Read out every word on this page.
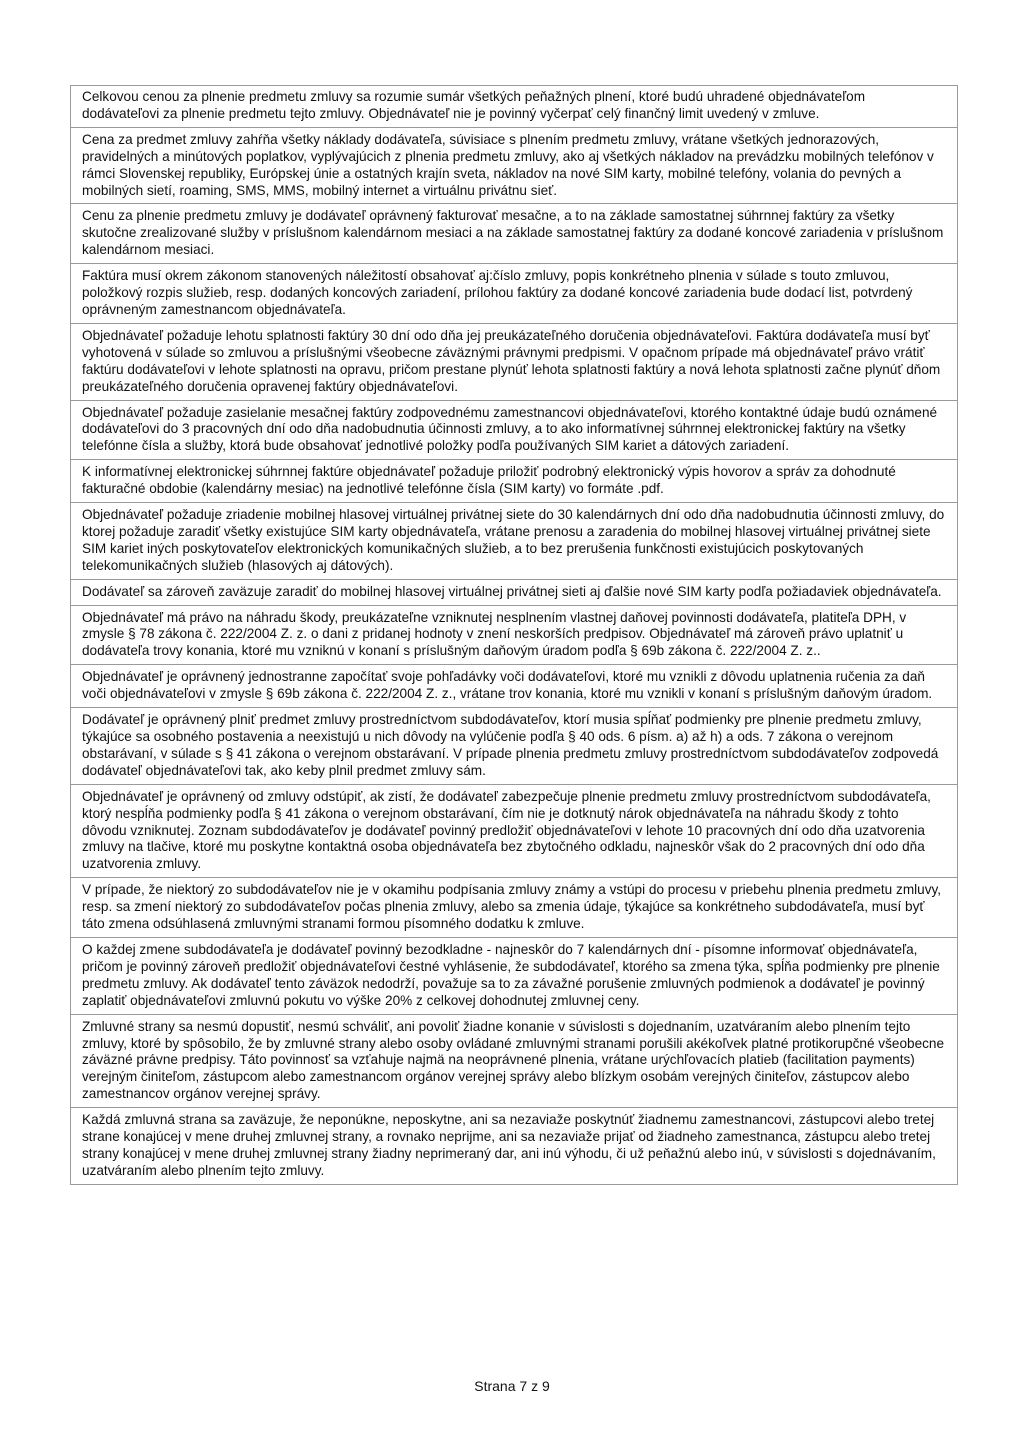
Celkovou cenou za plnenie predmetu zmluvy sa rozumie sumár všetkých peňažných plnení, ktoré budú uhradené objednávateľom dodávateľovi za plnenie predmetu tejto zmluvy. Objednávateľ nie je povinný vyčerpať celý finančný limit uvedený v zmluve.
Cena za predmet zmluvy zahŕňa všetky náklady dodávateľa, súvisiace s plnením predmetu zmluvy, vrátane všetkých jednorazových, pravidelných a minútových poplatkov, vyplývajúcich z plnenia predmetu zmluvy, ako aj všetkých nákladov na prevádzku mobilných telefónov v rámci Slovenskej republiky, Európskej únie a ostatných krajín sveta, nákladov na nové SIM karty, mobilné telefóny, volania do pevných a mobilných sietí, roaming, SMS, MMS, mobilný internet a virtuálnu privátnu sieť.
Cenu za plnenie predmetu zmluvy je dodávateľ oprávnený fakturovať mesačne, a to na základe samostatnej súhrnnej faktúry za všetky skutočne zrealizované služby v príslušnom kalendárnom mesiaci a na základe samostatnej faktúry za dodané koncové zariadenia v príslušnom kalendárnom mesiaci.
Faktúra musí okrem zákonom stanovených náležitostí obsahovať aj:číslo zmluvy, popis konkrétneho plnenia v súlade s touto zmluvou, položkový rozpis služieb, resp. dodaných koncových zariadení, prílohou faktúry za dodané koncové zariadenia bude dodací list, potvrdený oprávneným zamestnancom objednávateľa.
Objednávateľ požaduje lehotu splatnosti faktúry 30 dní odo dňa jej preukázateľného doručenia objednávateľovi. Faktúra dodávateľa musí byť vyhotovená v súlade so zmluvou a príslušnými všeobecne záväznými právnymi predpismi. V opačnom prípade má objednávateľ právo vrátiť faktúru dodávateľovi v lehote splatnosti na opravu, pričom prestane plynúť lehota splatnosti faktúry a nová lehota splatnosti začne plynúť dňom preukázateľného doručenia opravenej faktúry objednávateľovi.
Objednávateľ požaduje zasielanie mesačnej faktúry zodpovednému zamestnancovi objednávateľovi, ktorého kontaktné údaje budú oznámené dodávateľovi do 3 pracovných dní odo dňa nadobudnutia účinnosti zmluvy, a to ako informatívnej súhrnnej elektronickej faktúry na všetky telefónne čísla a služby, ktorá bude obsahovať jednotlivé položky podľa používaných SIM kariet a dátových zariadení.
K informatívnej elektronickej súhrnnej faktúre objednávateľ požaduje priložiť podrobný elektronický výpis hovorov a správ za dohodnuté fakturačné obdobie (kalendárny mesiac) na jednotlivé telefónne čísla (SIM karty) vo formáte .pdf.
Objednávateľ požaduje zriadenie mobilnej hlasovej virtuálnej privátnej siete do 30 kalendárnych dní odo dňa nadobudnutia účinnosti zmluvy, do ktorej požaduje zaradiť všetky existujúce SIM karty objednávateľa, vrátane prenosu a zaradenia do mobilnej hlasovej virtuálnej privátnej siete SIM kariet iných poskytovateľov elektronických komunikačných služieb, a to bez prerušenia funkčnosti existujúcich poskytovaných telekomunikačných služieb (hlasových aj dátových).
Dodávateľ sa zároveň zaväzuje zaradiť do mobilnej hlasovej virtuálnej privátnej sieti aj ďalšie nové SIM karty podľa požiadaviek objednávateľa.
Objednávateľ má právo na náhradu škody, preukázateľne vzniknutej nesplnením vlastnej daňovej povinnosti dodávateľa, platiteľa DPH, v zmysle § 78 zákona č. 222/2004 Z. z. o dani z pridanej hodnoty v znení neskorších predpisov. Objednávateľ má zároveň právo uplatniť u dodávateľa trovy konania, ktoré mu vzniknú v konaní s príslušným daňovým úradom podľa § 69b zákona č. 222/2004 Z. z..
Objednávateľ je oprávnený jednostranne započítať svoje pohľadávky voči dodávateľovi, ktoré mu vznikli z dôvodu uplatnenia ručenia za daň voči objednávateľovi v zmysle § 69b zákona č. 222/2004 Z. z., vrátane trov konania, ktoré mu vznikli v konaní s príslušným daňovým úradom.
Dodávateľ je oprávnený plniť predmet zmluvy prostredníctvom subdodávateľov, ktorí musia spĺňať podmienky pre plnenie predmetu zmluvy, týkajúce sa osobného postavenia a neexistujú u nich dôvody na vylúčenie podľa § 40 ods. 6 písm. a) až h) a ods. 7 zákona o verejnom obstarávaní, v súlade s § 41 zákona o verejnom obstarávaní. V prípade plnenia predmetu zmluvy prostredníctvom subdodávateľov zodpovedá dodávateľ objednávateľovi tak, ako keby plnil predmet zmluvy sám.
Objednávateľ je oprávnený od zmluvy odstúpiť, ak zistí, že dodávateľ zabezpečuje plnenie predmetu zmluvy prostredníctvom subdodávateľa, ktorý nespĺňa podmienky podľa § 41 zákona o verejnom obstarávaní, čím nie je dotknutý nárok objednávateľa na náhradu škody z tohto dôvodu vzniknutej. Zoznam subdodávateľov je dodávateľ povinný predložiť objednávateľovi v lehote 10 pracovných dní odo dňa uzatvorenia zmluvy na tlačive, ktoré mu poskytne kontaktná osoba objednávateľa bez zbytočného odkladu, najneskôr však do 2 pracovných dní odo dňa uzatvorenia zmluvy.
V prípade, že niektorý zo subdodávateľov nie je v okamihu podpísania zmluvy známy a vstúpi do procesu v priebehu plnenia predmetu zmluvy, resp. sa zmení niektorý zo subdodávateľov počas plnenia zmluvy, alebo sa zmenia údaje, týkajúce sa konkrétneho subdodávateľa, musí byť táto zmena odsúhlasená zmluvnými stranami formou písomného dodatku k zmluve.
O každej zmene subdodávateľa je dodávateľ povinný bezodkladne - najneskôr do 7 kalendárnych dní - písomne informovať objednávateľa, pričom je povinný zároveň predložiť objednávateľovi čestné vyhlásenie, že subdodávateľ, ktorého sa zmena týka, spĺňa podmienky pre plnenie predmetu zmluvy. Ak dodávateľ tento záväzok nedodrží, považuje sa to za závažné porušenie zmluvných podmienok a dodávateľ je povinný zaplatiť objednávateľovi zmluvnú pokutu vo výške 20% z celkovej dohodnutej zmluvnej ceny.
Zmluvné strany sa nesmú dopustiť, nesmú schváliť, ani povoliť žiadne konanie v súvislosti s dojednaním, uzatváraním alebo plnením tejto zmluvy, ktoré by spôsobilo, že by zmluvné strany alebo osoby ovládané zmluvnými stranami porušili akékoľvek platné protikorupčné všeobecne záväzné právne predpisy. Táto povinnosť sa vzťahuje najmä na neoprávnené plnenia, vrátane urýchľovacích platieb (facilitation payments) verejným činiteľom, zástupcom alebo zamestnancom orgánov verejnej správy alebo blízkym osobám verejných činiteľov, zástupcov alebo zamestnancov orgánov verejnej správy.
Každá zmluvná strana sa zaväzuje, že neponúkne, neposkytne, ani sa nezaviaže poskytnúť žiadnemu zamestnancovi, zástupcovi alebo tretej strane konajúcej v mene druhej zmluvnej strany, a rovnako neprijme, ani sa nezaviaže prijať od žiadneho zamestnanca, zástupcu alebo tretej strany konajúcej v mene druhej zmluvnej strany žiadny neprimeraný dar, ani inú výhodu, či už peňažnú alebo inú, v súvislosti s dojednávaním, uzatváraním alebo plnením tejto zmluvy.
Strana 7 z 9
